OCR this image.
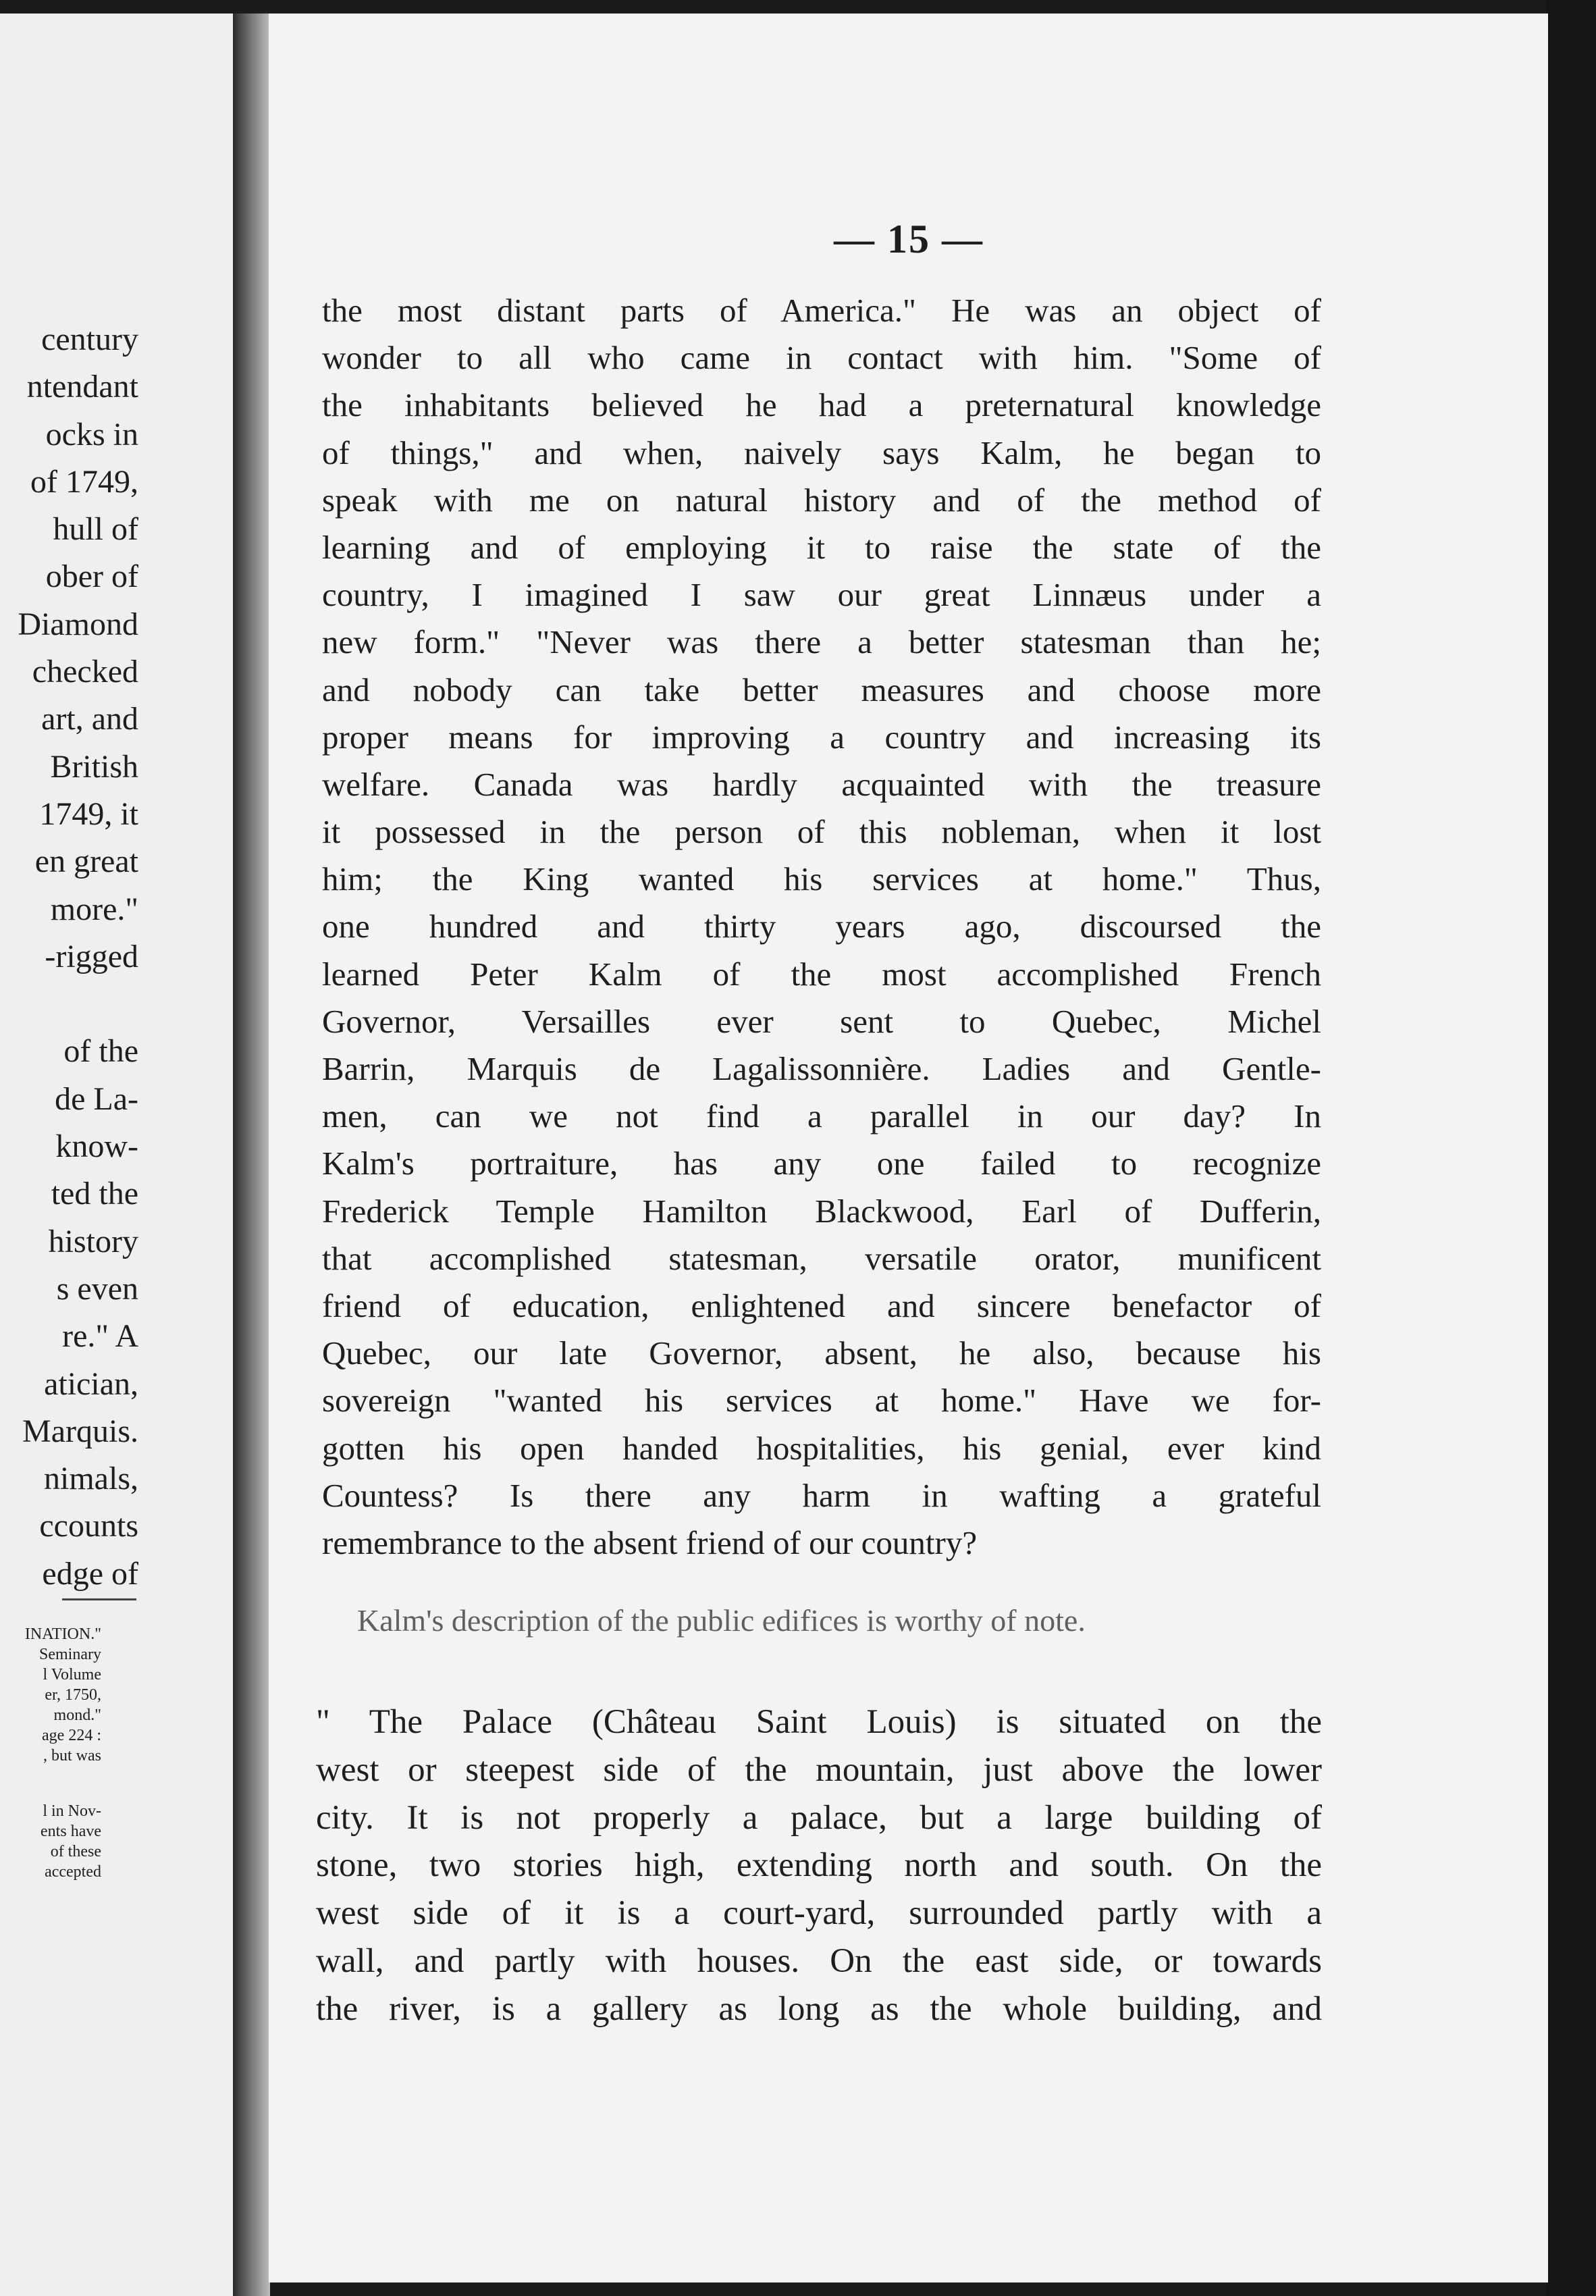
century
ntendant
ocks in
of 1749,
hull of
ober of
Diamond
checked
art, and
British
1749, it
en great
more."
-rigged
of the
de La-
know-
ted the
history
s even
re." A
atician,
Marquis.
nimals,
ccounts
edge of
INATION."
Seminary
l Volume
er, 1750,
mond."
age 224 :
, but was
l in Nov-
ents have
of these
accepted
— 15 —
the most distant parts of America." He was an object of
wonder to all who came in contact with him. "Some of
the inhabitants believed he had a preternatural knowledge
of things," and when, naively says Kalm, he began to
speak with me on natural history and of the method of
learning and of employing it to raise the state of the
country, I imagined I saw our great Linnæus under a
new form." "Never was there a better statesman than he;
and nobody can take better measures and choose more
proper means for improving a country and increasing its
welfare. Canada was hardly acquainted with the treasure
it possessed in the person of this nobleman, when it lost
him; the King wanted his services at home." Thus,
one hundred and thirty years ago, discoursed the
learned Peter Kalm of the most accomplished French
Governor, Versailles ever sent to Quebec, Michel
Barrin, Marquis de Lagalissonnière. Ladies and Gentle-
men, can we not find a parallel in our day? In
Kalm's portraiture, has any one failed to recognize
Frederick Temple Hamilton Blackwood, Earl of Dufferin,
that accomplished statesman, versatile orator, munificent
friend of education, enlightened and sincere benefactor of
Quebec, our late Governor, absent, he also, because his
sovereign "wanted his services at home." Have we for-
gotten his open handed hospitalities, his genial, ever kind
Countess? Is there any harm in wafting a grateful
remembrance to the absent friend of our country?
Kalm's description of the public edifices is worthy of note.
" The Palace (Château Saint Louis) is situated on the
west or steepest side of the mountain, just above the lower
city. It is not properly a palace, but a large building of
stone, two stories high, extending north and south. On the
west side of it is a court-yard, surrounded partly with a
wall, and partly with houses. On the east side, or towards
the river, is a gallery as long as the whole building, and
